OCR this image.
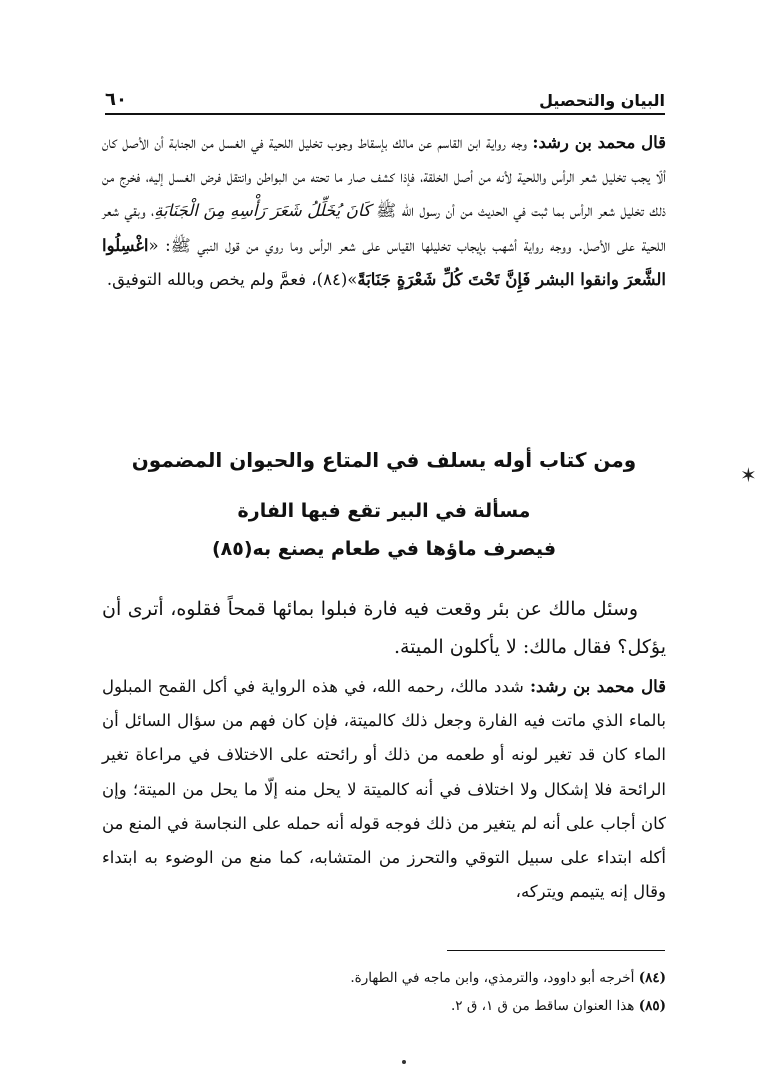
البيان والتحصيل
٦٠

قال محمد بن رشد: وجه رواية ابن القاسم عن مالك بإسقاط وجوب تخليل اللحية في الغسل من الجنابة أن الأصل كان ألّا يجب تخليل شعر الرأس واللحية لأنه من أصل الخلقة، فإذا كشف صار ما تحته من البواطن وانتقل فرض الغسل إليه، فخرج من ذلك تخليل شعر الرأس بما ثبت في الحديث من أن رسول الله ﷺ كَانَ يُخَلِّلُ شَعَرَ رَأْسِهِ مِنَ الْجَنَابَةِ، وبقي شعر اللحية على الأصل. ووجه رواية أشهب بإيجاب تخليلها القياس على شعر الرأس وما روي من قول النبي ﷺ: «اغْسِلُوا الشَّعرَ وانقوا البشر فَإِنَّ تَحْتَ كُلِّ شَعْرَةٍ جَنَابَةً»(٨٤)، فعمَّ ولم يخص وبالله التوفيق.

ومن كتاب أوله يسلف في المتاع والحيوان المضمون
مسألة في البير تقع فيها الفارة
فيصرف ماؤها في طعام يصنع به(٨٥)

وسئل مالك عن بئر وقعت فيه فارة فبلوا بمائها قمحاً فقلوه، أترى أن يؤكل؟ فقال مالك: لا يأكلون الميتة.

قال محمد بن رشد: شدد مالك، رحمه الله، في هذه الرواية في أكل القمح المبلول بالماء الذي ماتت فيه الفارة وجعل ذلك كالميتة، فإن كان فهم من سؤال السائل أن الماء كان قد تغير لونه أو طعمه من ذلك أو رائحته على الاختلاف في مراعاة تغير الرائحة فلا إشكال ولا اختلاف في أنه كالميتة لا يحل منه إلّا ما يحل من الميتة؛ وإن كان أجاب على أنه لم يتغير من ذلك فوجه قوله أنه حمله على النجاسة في المنع من أكله ابتداء على سبيل التوقي والتحرز من المتشابه، كما منع من الوضوء به ابتداء وقال إنه يتيمم ويتركه،

(٨٤) أخرجه أبو داوود، والترمذي، وابن ماجه في الطهارة.

(٨٥) هذا العنوان ساقط من ق ١، ق ٢.

✶
